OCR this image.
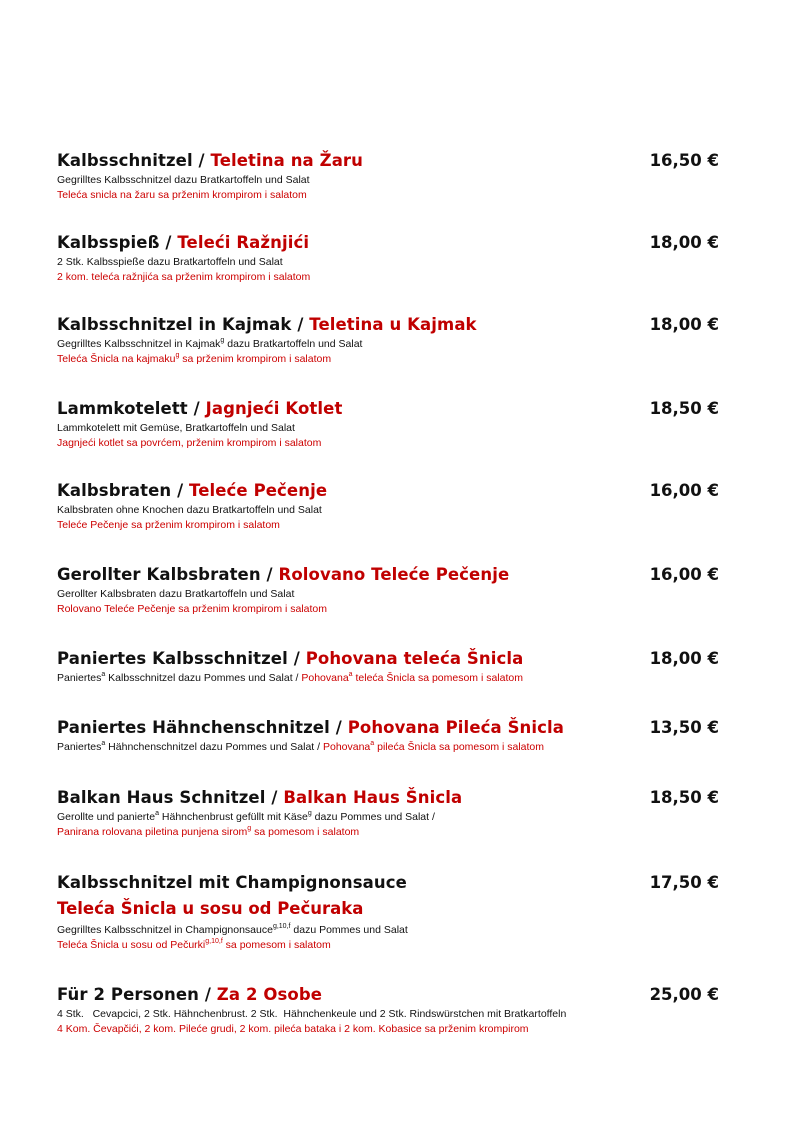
Kalbsschnitzel / Teletina na Žaru	16,50 €
Gegrilltes Kalbsschnitzel dazu Bratkartoffeln und Salat
Teleća snicla na žaru sa prženim krompirom i salatom
Kalbsspieß / Teleći Ražnjići	18,00 €
2 Stk. Kalbsspieße dazu Bratkartoffeln und Salat
2 kom. teleća ražnjića sa prženim krompirom i salatom
Kalbsschnitzel in Kajmak / Teletina u Kajmak	18,00 €
Gegrilltes Kalbsschnitzel in Kajmak$^g$ dazu Bratkartoffeln und Salat
Teleća Šnicla na kajmaku$^g$ sa prženim krompirom i salatom
Lammkotelett / Jagnjeći Kotlet	18,50 €
Lammkotelett mit Gemüse, Bratkartoffeln und Salat
Jagnjeći kotlet sa povrćem, prženim krompirom i salatom
Kalbsbraten / Teleće Pečenje	16,00 €
Kalbsbraten ohne Knochen dazu Bratkartoffeln und Salat
Teleće Pečenje sa prženim krompirom i salatom
Gerollter Kalbsbraten / Rolovano Teleće Pečenje	16,00 €
Gerollter Kalbsbraten dazu Bratkartoffeln und Salat
Rolovano Teleće Pečenje sa prženim krompirom i salatom
Paniertes Kalbsschnitzel / Pohovana teleća Šnicla	18,00 €
Paniertes$^a$ Kalbsschnitzel dazu Pommes und Salat / Pohovana$^a$ teleća Šnicla sa pomesom i salatom
Paniertes Hähnchenschnitzel / Pohovana Pileća Šnicla	13,50 €
Paniertes$^a$ Hähnchenschnitzel dazu Pommes und Salat / Pohovana$^a$ pileća Šnicla sa pomesom i salatom
Balkan Haus Schnitzel / Balkan Haus Šnicla	18,50 €
Gerollte und panierte$^a$ Hähnchenbrust gefüllt mit Käse$^g$ dazu Pommes und Salat /
Panirana rolovana piletina punjena sirom$^g$ sa pomesom i salatom
Kalbsschnitzel mit Champignonsauce	17,50 €
Teleća Šnicla u sosu od Pečuraka
Gegrilltes Kalbsschnitzel in Champignonsauce$^{g,10,f}$ dazu Pommes und Salat
Teleća Šnicla u sosu od Pečurki$^{g,10,f}$ sa pomesom i salatom
Für 2 Personen / Za 2 Osobe	25,00 €
4 Stk.   Cevapcici, 2 Stk. Hähnchenbrust. 2 Stk.  Hähnchenkeule und 2 Stk. Rindswürstchen mit Bratkartoffeln
4 Kom. Čevapčići, 2 kom. Pileće grudi, 2 kom. pileća bataka i 2 kom. Kobasice sa prženim krompirom
